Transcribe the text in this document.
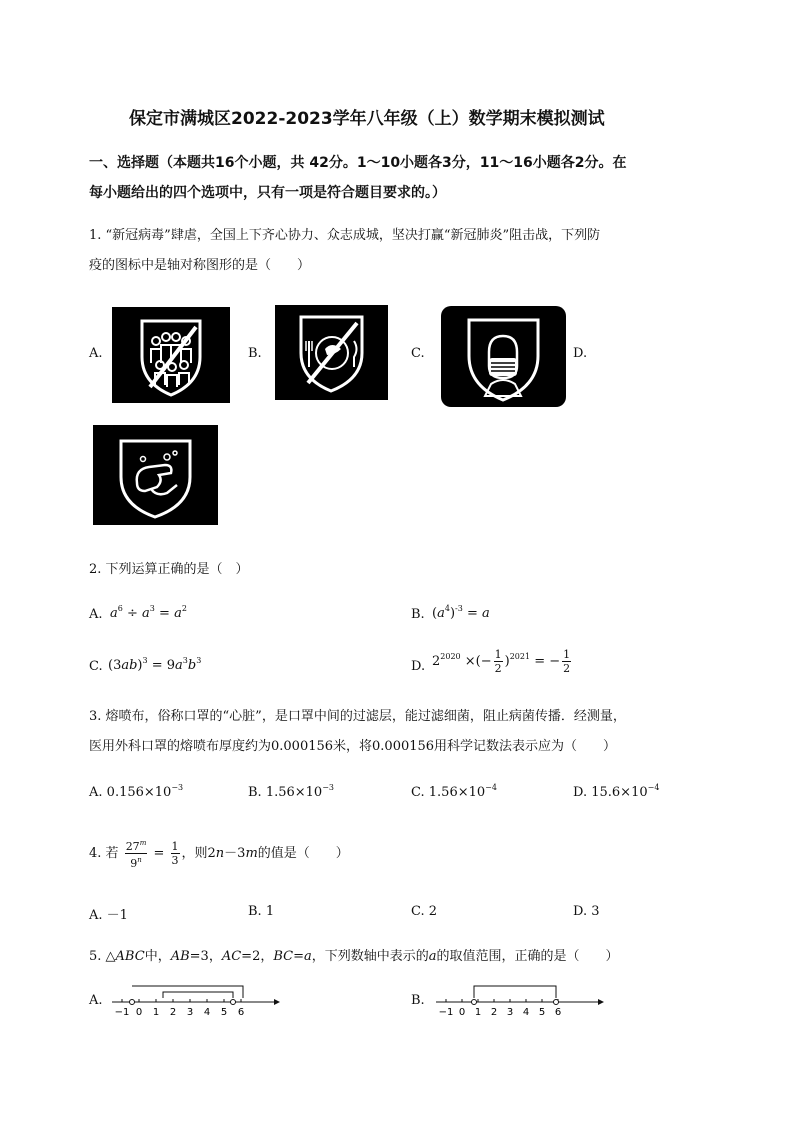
保定市满城区2022-2023学年八年级（上）数学期末模拟测试
一、选择题（本题共16个小题，共 42分。1～10小题各3分，11～16小题各2分。在
每小题给出的四个选项中，只有一项是符合题目要求的。）
1. “新冠病毒”肆虐，全国上下齐心协力、众志成城，坚决打赢“新冠肺炎”阻击战，下列防
疫的图标中是轴对称图形的是（　　）
A.	B.	C.	D.
2. 下列运算正确的是（　）
A. $a^6 \div a^3 = a^2$	B. $(a^4)^{-3} = a$
C. $(3ab)^3 = 9a^3b^3$	D. $2^{2020}$ ×(− $\frac{1}{2} )^{2021}$ = − $\frac{1}{2}$
3. 熔喷布，俗称口罩的“心脏”，是口罩中间的过滤层，能过滤细菌，阻止病菌传播．经测量，
医用外科口罩的熔喷布厚度约为0.000156米，将0.000156用科学记数法表示应为（　　）
A. $0.156\times 10^{-3}$	B. $1.56\times 10^{-3}$	C. $1.56\times 10^{-4}$	D. $15.6\times 10^{-4}$
4. 若 $\frac{27^m}{9^n} = \frac{1}{3}$ ，则2n－3m的值是（　　）
A. －1	B. 1	C. 2	D. 3
5. △ABC中，AB=3，AC=2，BC=a，下列数轴中表示的a的取值范围，正确的是（　　）
A.
−1 0 1 2 3 4 5 6
B.
−1 0 1 2 3 4 5 6
